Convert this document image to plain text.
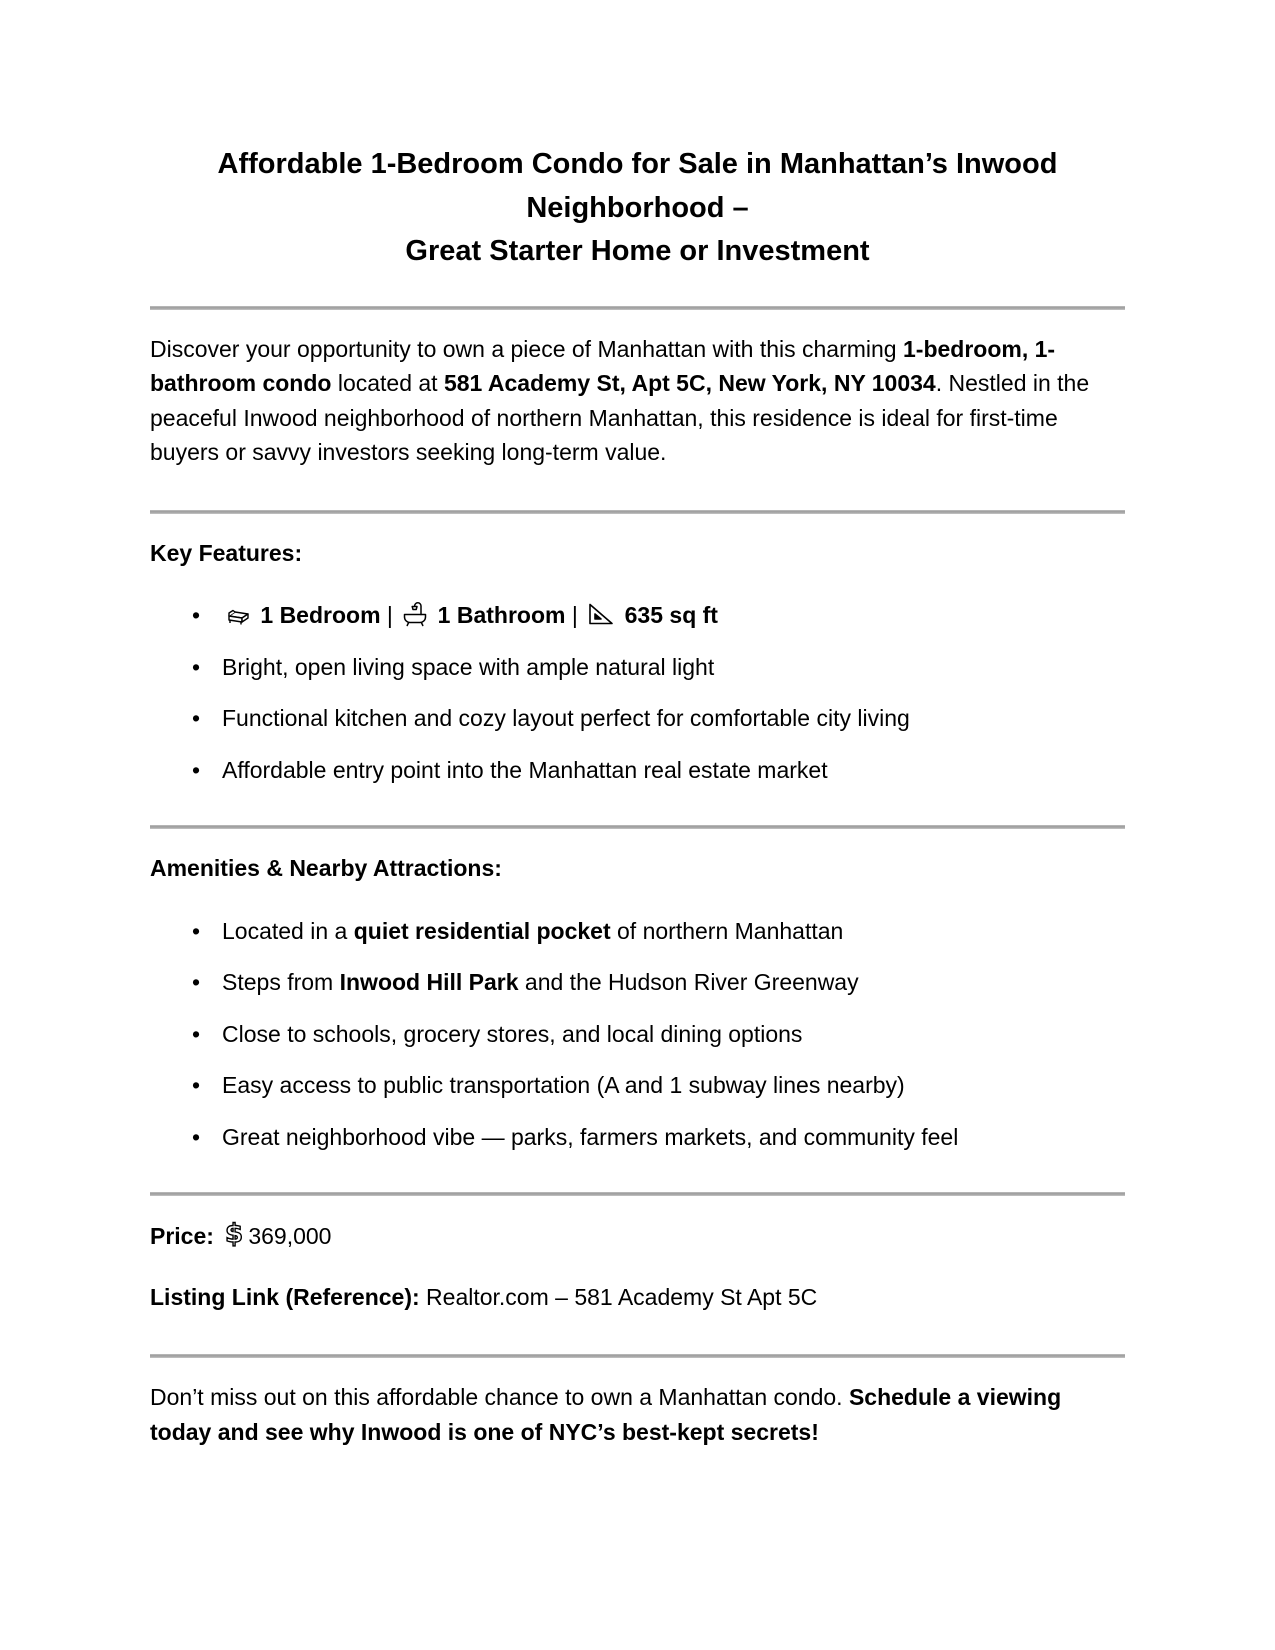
Affordable 1-Bedroom Condo for Sale in Manhattan’s Inwood Neighborhood –
Great Starter Home or Investment

Discover your opportunity to own a piece of Manhattan with this charming 1-bedroom, 1-bathroom condo located at 581 Academy St, Apt 5C, New York, NY 10034. Nestled in the peaceful Inwood neighborhood of northern Manhattan, this residence is ideal for first-time buyers or savvy investors seeking long-term value.

Key Features:

•  1 Bedroom |  1 Bathroom |  635 sq ft
• Bright, open living space with ample natural light
• Functional kitchen and cozy layout perfect for comfortable city living
• Affordable entry point into the Manhattan real estate market

Amenities & Nearby Attractions:

• Located in a quiet residential pocket of northern Manhattan
• Steps from Inwood Hill Park and the Hudson River Greenway
• Close to schools, grocery stores, and local dining options
• Easy access to public transportation (A and 1 subway lines nearby)
• Great neighborhood vibe — parks, farmers markets, and community feel

Price: $ 369,000

Listing Link (Reference): Realtor.com – 581 Academy St Apt 5C

Don’t miss out on this affordable chance to own a Manhattan condo. Schedule a viewing today and see why Inwood is one of NYC’s best-kept secrets!
